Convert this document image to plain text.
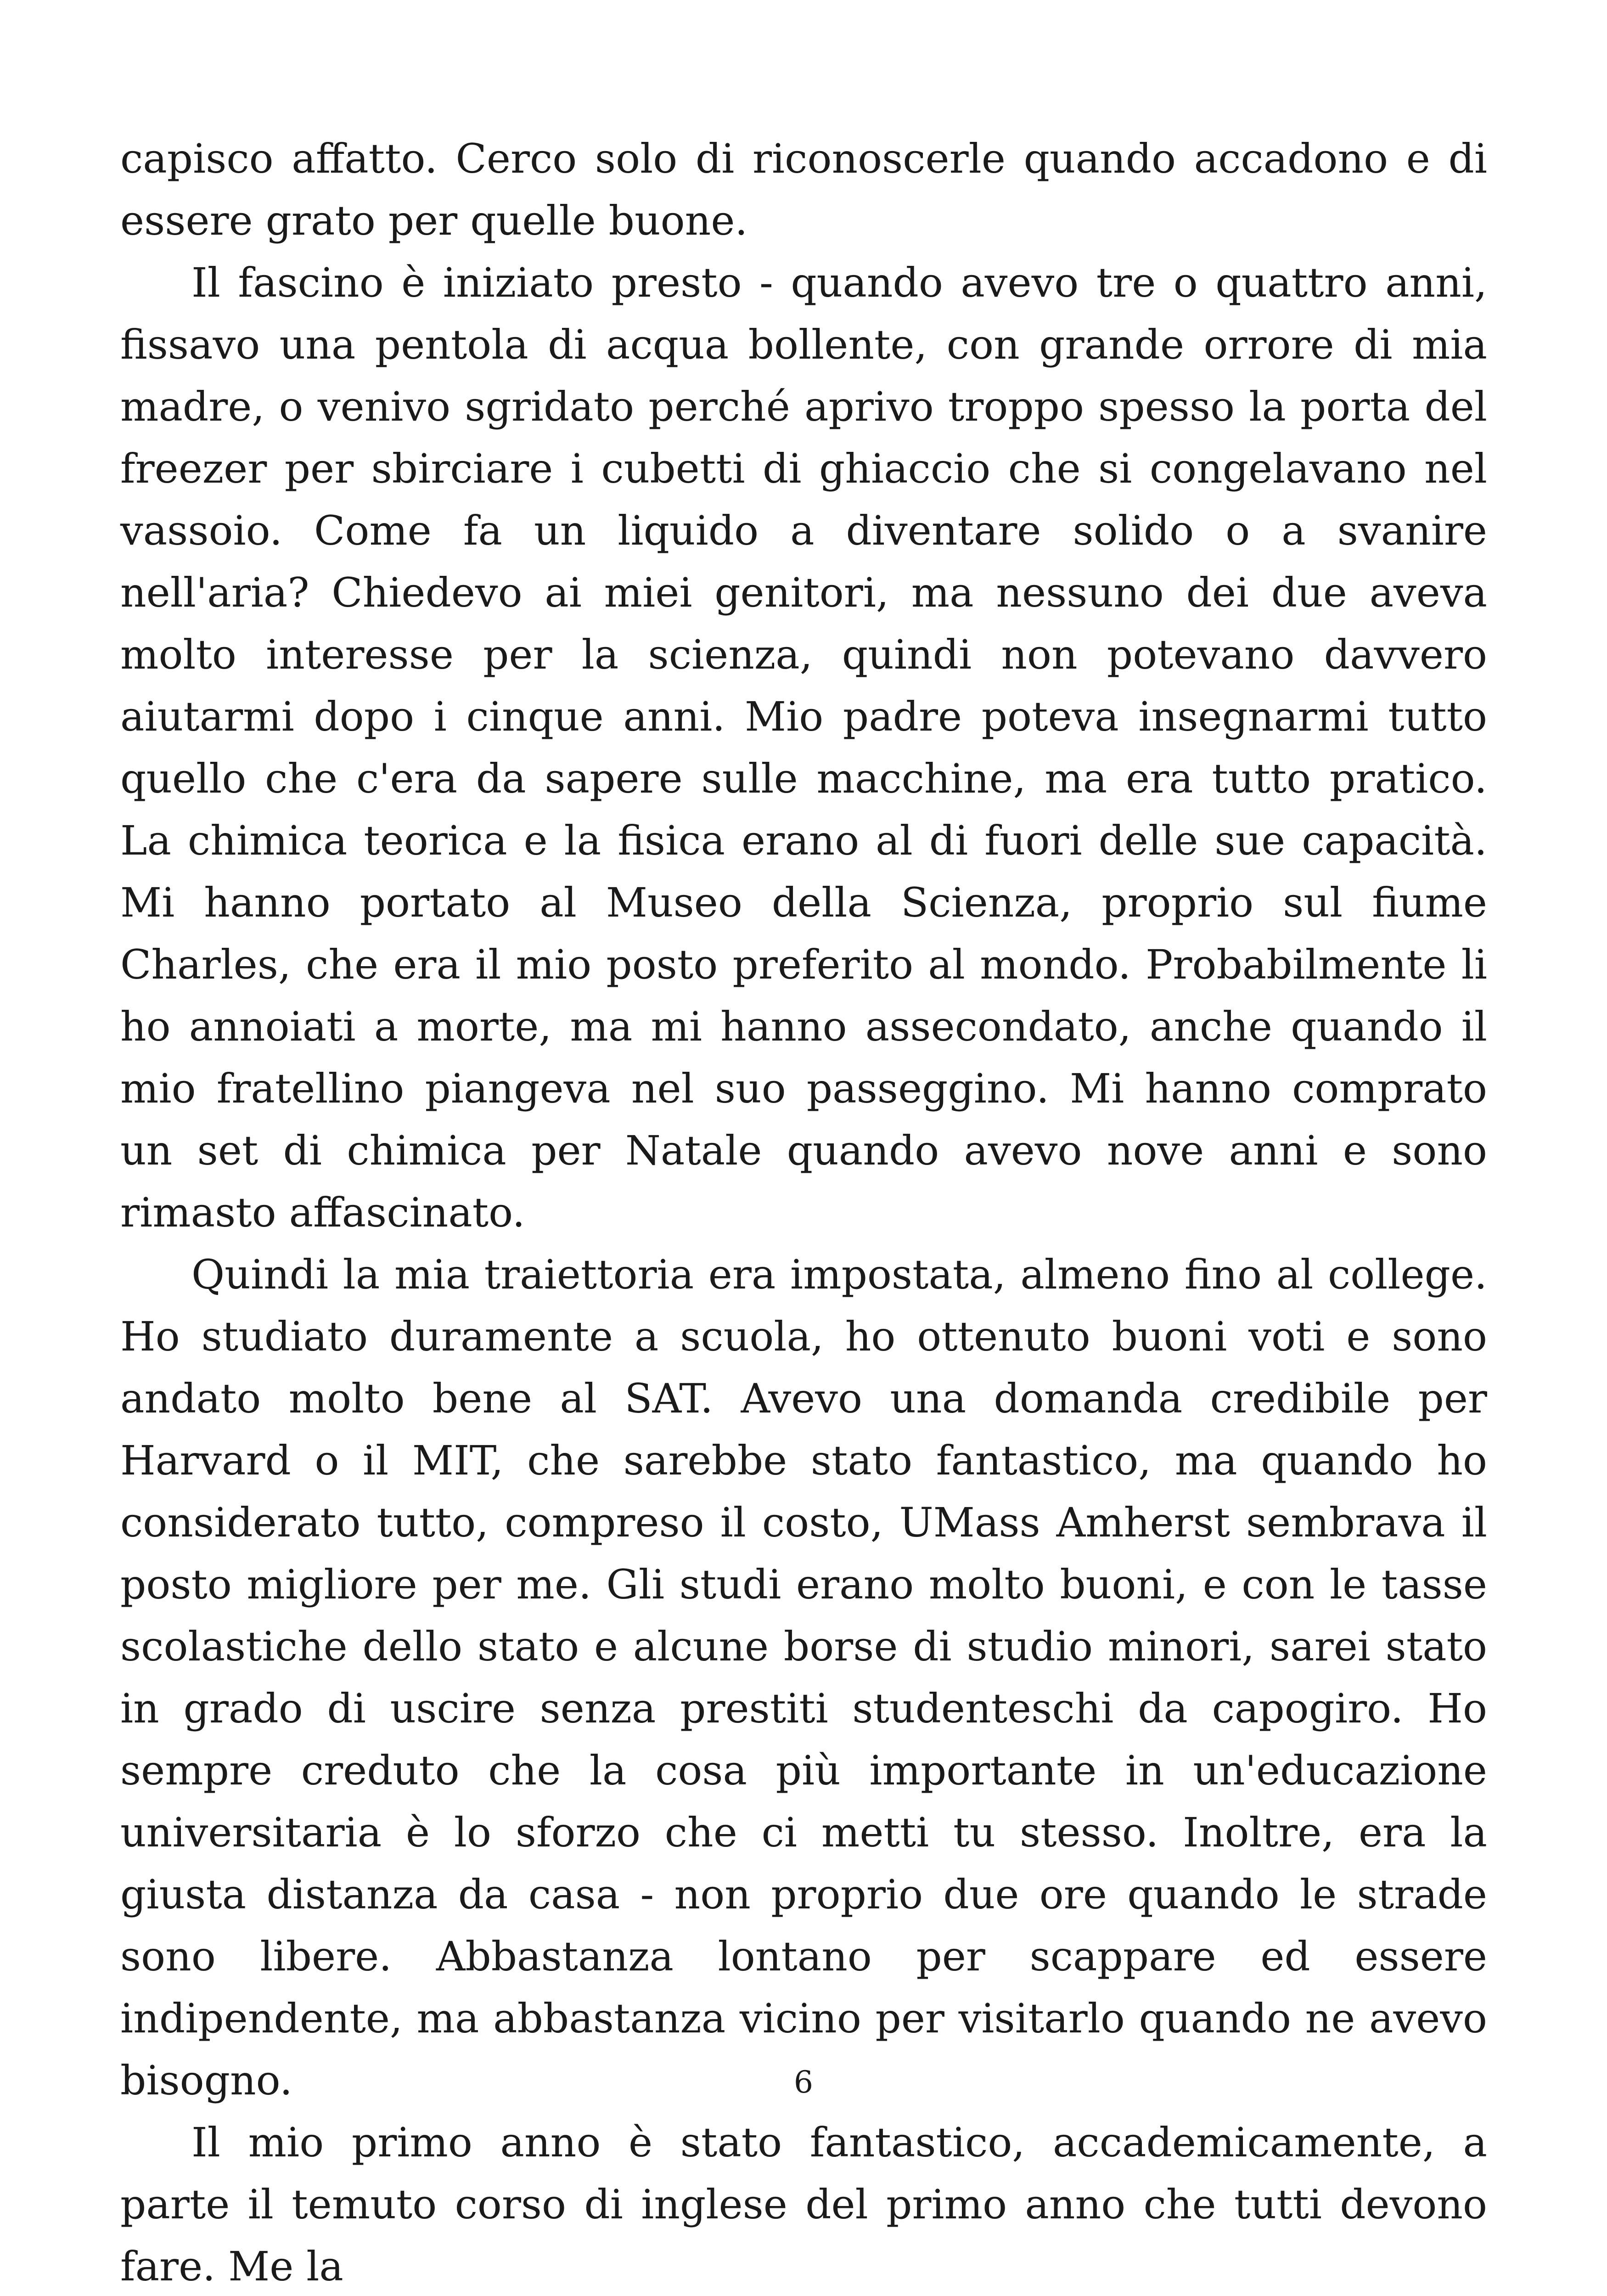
capisco affatto. Cerco solo di riconoscerle quando accadono e di essere grato per quelle buone.

Il fascino è iniziato presto - quando avevo tre o quattro anni, fissavo una pentola di acqua bollente, con grande orrore di mia madre, o venivo sgridato perché aprivo troppo spesso la porta del freezer per sbirciare i cubetti di ghiaccio che si congelavano nel vassoio. Come fa un liquido a diventare solido o a svanire nell'aria? Chiedevo ai miei genitori, ma nessuno dei due aveva molto interesse per la scienza, quindi non potevano davvero aiutarmi dopo i cinque anni. Mio padre poteva insegnarmi tutto quello che c'era da sapere sulle macchine, ma era tutto pratico. La chimica teorica e la fisica erano al di fuori delle sue capacità. Mi hanno portato al Museo della Scienza, proprio sul fiume Charles, che era il mio posto preferito al mondo. Probabilmente li ho annoiati a morte, ma mi hanno assecondato, anche quando il mio fratellino piangeva nel suo passeggino. Mi hanno comprato un set di chimica per Natale quando avevo nove anni e sono rimasto affascinato.

Quindi la mia traiettoria era impostata, almeno fino al college. Ho studiato duramente a scuola, ho ottenuto buoni voti e sono andato molto bene al SAT. Avevo una domanda credibile per Harvard o il MIT, che sarebbe stato fantastico, ma quando ho considerato tutto, compreso il costo, UMass Amherst sembrava il posto migliore per me. Gli studi erano molto buoni, e con le tasse scolastiche dello stato e alcune borse di studio minori, sarei stato in grado di uscire senza prestiti studenteschi da capogiro. Ho sempre creduto che la cosa più importante in un'educazione universitaria è lo sforzo che ci metti tu stesso. Inoltre, era la giusta distanza da casa - non proprio due ore quando le strade sono libere. Abbastanza lontano per scappare ed essere indipendente, ma abbastanza vicino per visitarlo quando ne avevo bisogno.

Il mio primo anno è stato fantastico, accademicamente, a parte il temuto corso di inglese del primo anno che tutti devono fare. Me la

6
